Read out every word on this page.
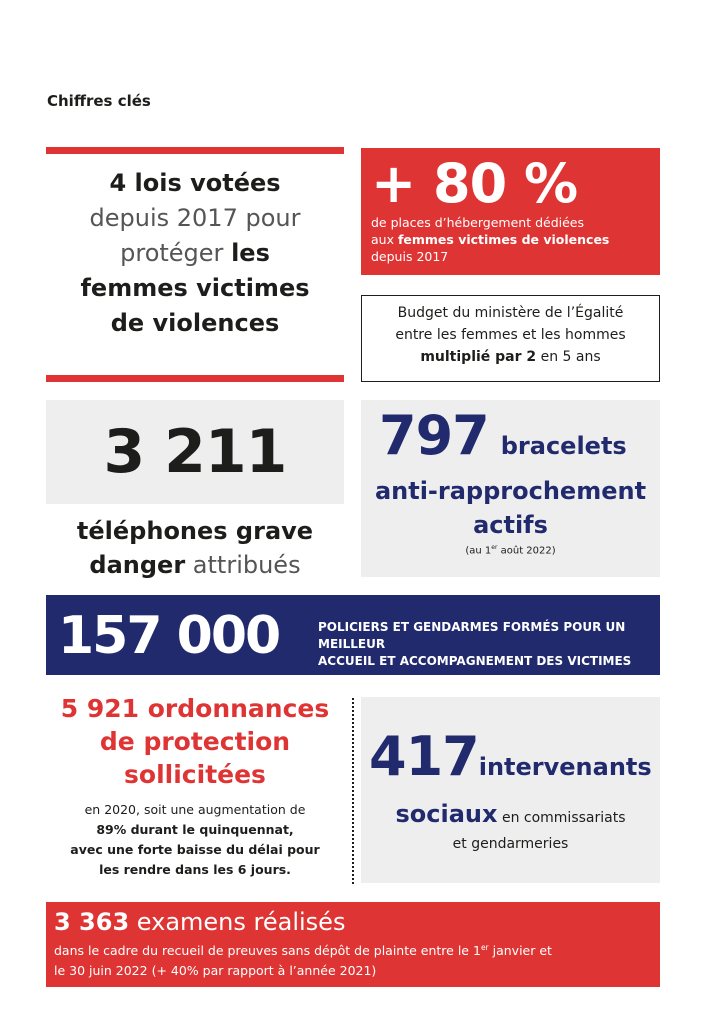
Chiffres clés
4 lois votées
depuis 2017 pour
protéger les
femmes victimes
de violences
+ 80 %
de places d’hébergement dédiées
aux femmes victimes de violences
depuis 2017
Budget du ministère de l’Égalité
entre les femmes et les hommes
multiplié par 2 en 5 ans
3 211
téléphones grave
danger attribués
797 bracelets
anti-rapprochement
actifs
(au 1er août 2022)
157 000	POLICIERS ET GENDARMES FORMÉS POUR UN MEILLEUR
ACCUEIL ET ACCOMPAGNEMENT DES VICTIMES
5 921 ordonnances
de protection
sollicitées
en 2020, soit une augmentation de
89% durant le quinquennat,
avec une forte baisse du délai pour
les rendre dans les 6 jours.
417intervenants
sociaux en commissariats
et gendarmeries
3 363 examens réalisés
dans le cadre du recueil de preuves sans dépôt de plainte entre le 1er janvier et
le 30 juin 2022 (+ 40% par rapport à l’année 2021)
